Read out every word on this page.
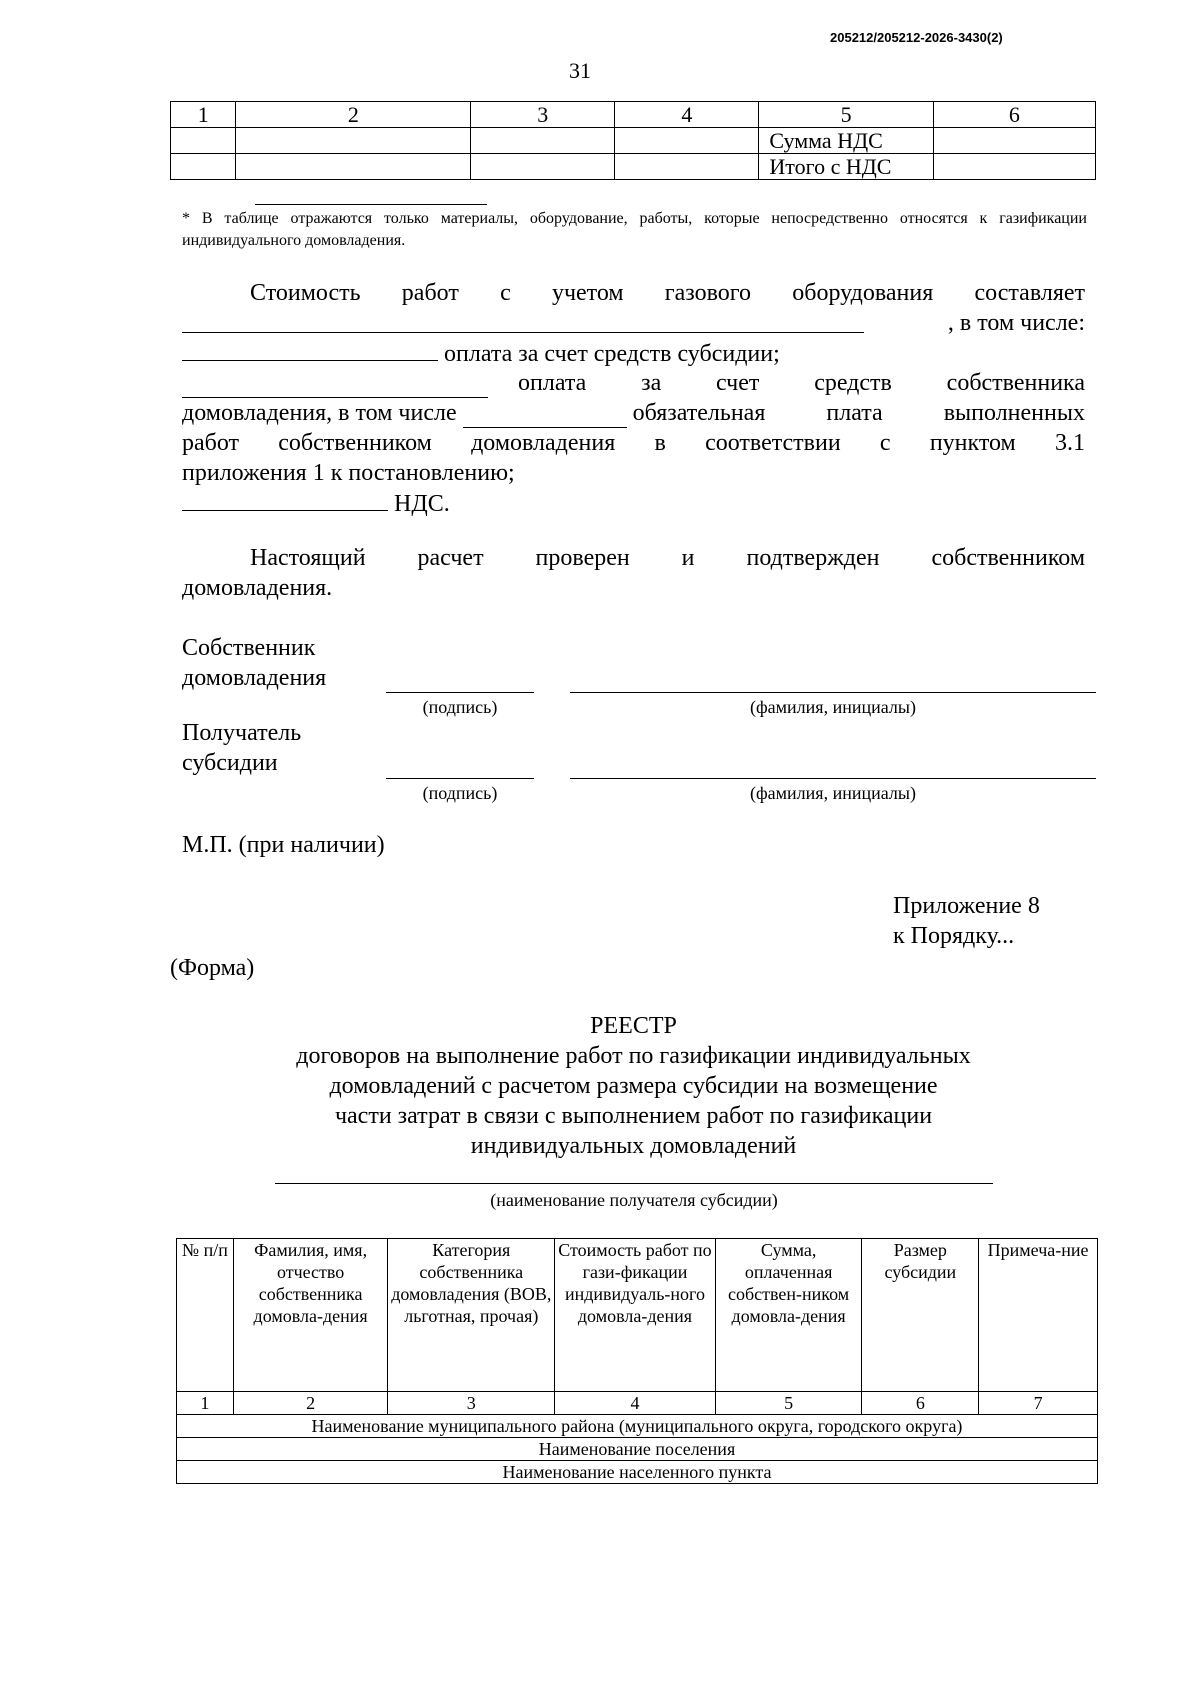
205212/205212-2026-3430(2)
31
1	2	3	4	5	6
				Сумма НДС	
				Итого с НДС	
* В таблице отражаются только материалы, оборудование, работы, которые непосредственно относятся к газификации индивидуального домовладения.
Стоимость работ с учетом газового оборудования составляет
, в том числе:
оплата за счет средств субсидии;
оплата за счет средств собственника
домовладения, в том числе	обязательная плата выполненных
работ собственником домовладения в соответствии с пунктом 3.1
приложения 1 к постановлению;
НДС.
Настоящий расчет проверен и подтвержден собственником
домовладения.
Собственник
домовладения
(подпись)	(фамилия, инициалы)
Получатель
субсидии
(подпись)	(фамилия, инициалы)
М.П. (при наличии)
Приложение 8
к Порядку...
(Форма)
РЕЕСТР
договоров на выполнение работ по газификации индивидуальных
домовладений с расчетом размера субсидии на возмещение
части затрат в связи с выполнением работ по газификации
индивидуальных домовладений
(наименование получателя субсидии)
№ п/п	Фамилия, имя, отчество собственника домовла-дения	Категория собственника домовладения (ВОВ, льготная, прочая)	Стоимость работ по гази-фикации индивидуаль-ного домовла-дения	Сумма, оплаченная собствен-ником домовла-дения	Размер субсидии	Примеча-ние
1	2	3	4	5	6	7
Наименование муниципального района (муниципального округа, городского округа)						
Наименование поселения						
Наименование населенного пункта						
